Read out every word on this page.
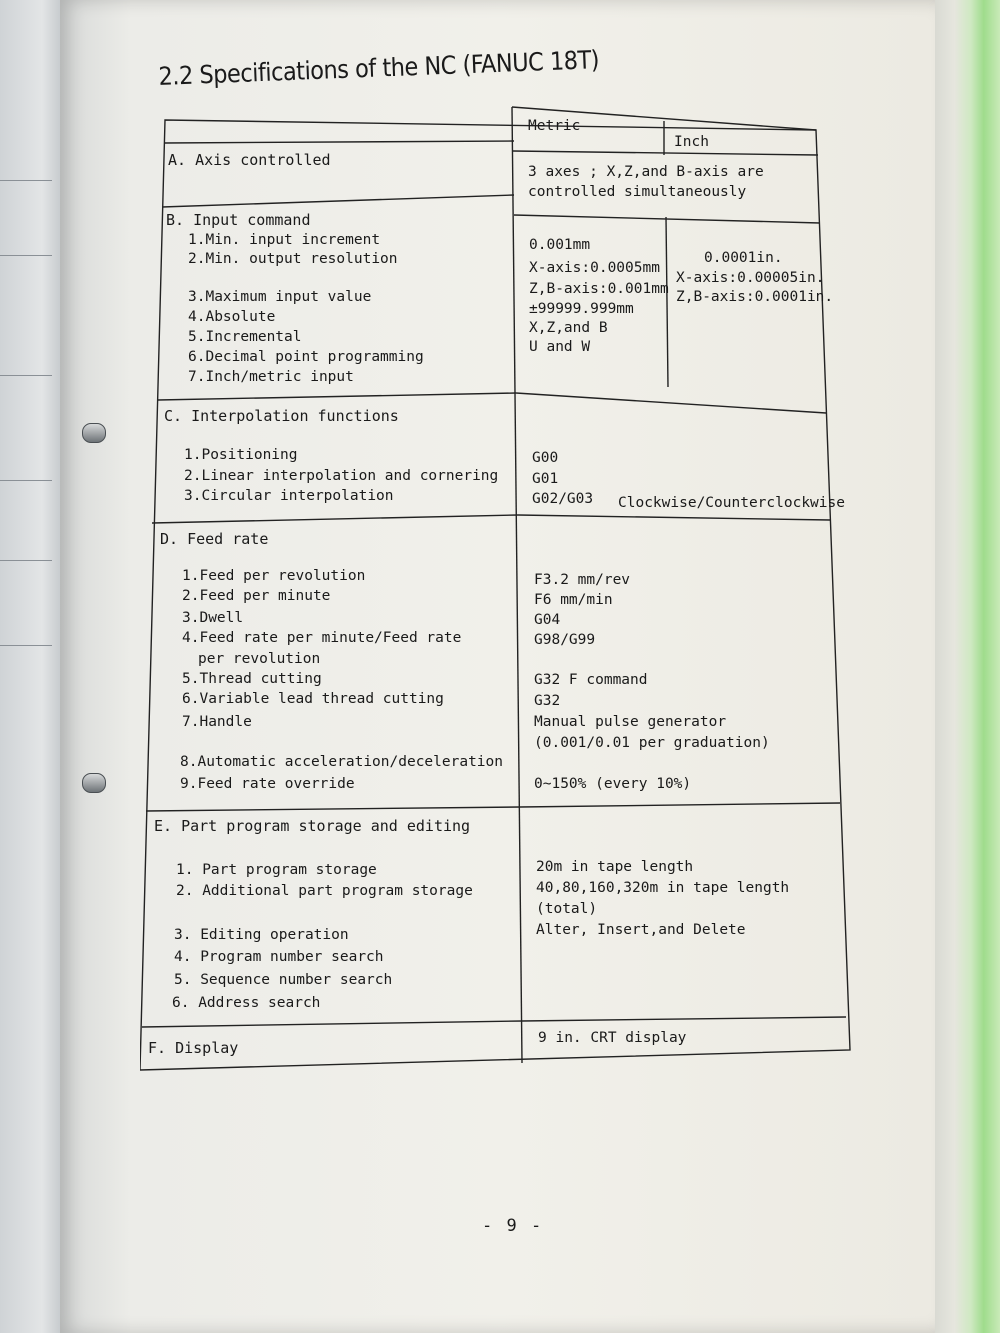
2.2 Specifications of the NC (FANUC 18T)
Metric
Inch
A. Axis controlled
3 axes ; X,Z,and B-axis are
controlled simultaneously
B. Input command
1.Min. input increment
2.Min. output resolution
3.Maximum input value
4.Absolute
5.Incremental
6.Decimal point programming
7.Inch/metric input
0.001mm
X-axis:0.0005mm
Z,B-axis:0.001mm
±99999.999mm
X,Z,and B
U and W
0.0001in.
X-axis:0.00005in.
Z,B-axis:0.0001in.
C. Interpolation functions
1.Positioning
2.Linear interpolation and cornering
3.Circular interpolation
G00
G01
G02/G03 Clockwise/Counterclockwise
D. Feed rate
1.Feed per revolution
2.Feed per minute
3.Dwell
4.Feed rate per minute/Feed rate
per revolution
5.Thread cutting
6.Variable lead thread cutting
7.Handle
8.Automatic acceleration/deceleration
9.Feed rate override
F3.2 mm/rev
F6 mm/min
G04
G98/G99
G32 F command
G32
Manual pulse generator
(0.001/0.01 per graduation)
0~150% (every 10%)
E. Part program storage and editing
1. Part program storage
2. Additional part program storage
3. Editing operation
4. Program number search
5. Sequence number search
6. Address search
20m in tape length
40,80,160,320m in tape length
(total)
Alter, Insert,and Delete
F. Display
9 in. CRT display
- 9 -
